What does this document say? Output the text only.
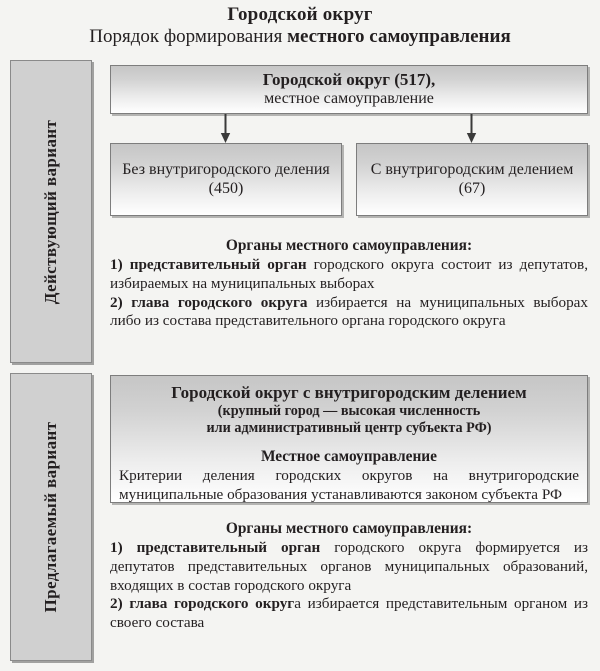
Городской округ
Порядок формирования местного самоуправления
Действующий вариант
Предлагаемый вариант
Городской округ (517),
местное самоуправление
Без внутригородского деления (450)
С внутригородским делением (67)
Органы местного самоуправления:

1) представительный орган городского округа состоит из депутатов, избираемых на муниципальных выборах

2) глава городского округа избирается на муниципальных выборах либо из состава представительного органа городского округа

Городской округ с внутригородским делением
(крупный город — высокая численность
или административный центр субъекта РФ)
Местное самоуправление
Критерии деления городских округов на внутригородские муниципальные образования устанавливаются законом субъекта РФ
Органы местного самоуправления:

1) представительный орган городского округа формируется из депутатов представительных органов муниципальных образований, входящих в состав городского округа

2) глава городского округа избирается представительным органом из своего состава
